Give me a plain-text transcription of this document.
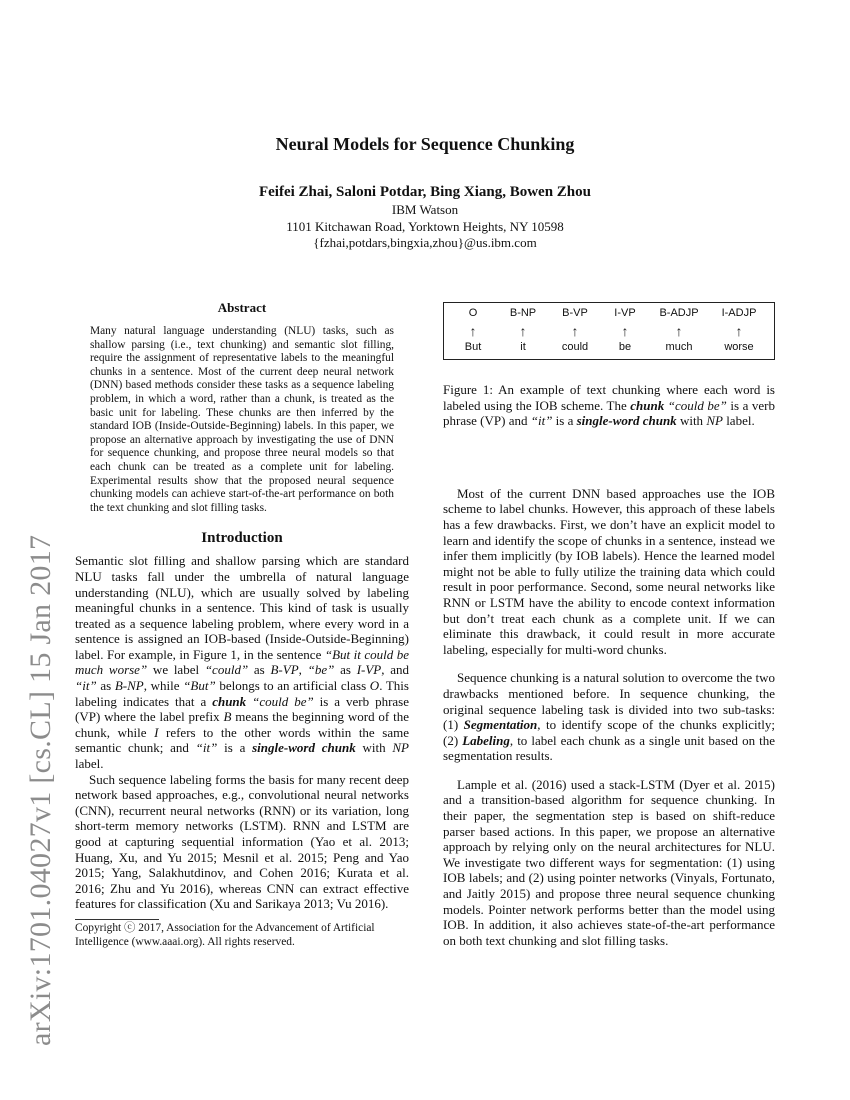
arXiv:1701.04027v1 [cs.CL] 15 Jan 2017
Neural Models for Sequence Chunking
Feifei Zhai, Saloni Potdar, Bing Xiang, Bowen Zhou
IBM Watson
1101 Kitchawan Road, Yorktown Heights, NY 10598
{fzhai,potdars,bingxia,zhou}@us.ibm.com
Abstract

Many natural language understanding (NLU) tasks, such as shallow parsing (i.e., text chunking) and semantic slot filling, require the assignment of representative labels to the meaningful chunks in a sentence. Most of the current deep neural network (DNN) based methods consider these tasks as a sequence labeling problem, in which a word, rather than a chunk, is treated as the basic unit for labeling. These chunks are then inferred by the standard IOB (Inside-Outside-Beginning) labels. In this paper, we propose an alternative approach by investigating the use of DNN for sequence chunking, and propose three neural models so that each chunk can be treated as a complete unit for labeling. Experimental results show that the proposed neural sequence chunking models can achieve start-of-the-art performance on both the text chunking and slot filling tasks.

Introduction

Semantic slot filling and shallow parsing which are standard NLU tasks fall under the umbrella of natural language understanding (NLU), which are usually solved by labeling meaningful chunks in a sentence. This kind of task is usually treated as a sequence labeling problem, where every word in a sentence is assigned an IOB-based (Inside-Outside-Beginning) label. For example, in Figure 1, in the sentence “But it could be much worse” we label “could” as B-VP, “be” as I-VP, and “it” as B-NP, while “But” belongs to an artificial class O. This labeling indicates that a chunk “could be” is a verb phrase (VP) where the label prefix B means the beginning word of the chunk, while I refers to the other words within the same semantic chunk; and “it” is a single-word chunk with NP label.

Such sequence labeling forms the basis for many recent deep network based approaches, e.g., convolutional neural networks (CNN), recurrent neural networks (RNN) or its variation, long short-term memory networks (LSTM). RNN and LSTM are good at capturing sequential information (Yao et al. 2013; Huang, Xu, and Yu 2015; Mesnil et al. 2015; Peng and Yao 2015; Yang, Salakhutdinov, and Cohen 2016; Kurata et al. 2016; Zhu and Yu 2016), whereas CNN can extract effective features for classification (Xu and Sarikaya 2013; Vu 2016).

Copyright ⓒ 2017, Association for the Advancement of Artificial Intelligence (www.aaai.org). All rights reserved.

O
↑
But
B-NP
↑
it
B-VP
↑
could
I-VP
↑
be
B-ADJP
↑
much
I-ADJP
↑
worse

Figure 1: An example of text chunking where each word is labeled using the IOB scheme. The chunk “could be” is a verb phrase (VP) and “it” is a single-word chunk with NP label.

Most of the current DNN based approaches use the IOB scheme to label chunks. However, this approach of these labels has a few drawbacks. First, we don’t have an explicit model to learn and identify the scope of chunks in a sentence, instead we infer them implicitly (by IOB labels). Hence the learned model might not be able to fully utilize the training data which could result in poor performance. Second, some neural networks like RNN or LSTM have the ability to encode context information but don’t treat each chunk as a complete unit. If we can eliminate this drawback, it could result in more accurate labeling, especially for multi-word chunks.

Sequence chunking is a natural solution to overcome the two drawbacks mentioned before. In sequence chunking, the original sequence labeling task is divided into two sub-tasks: (1) Segmentation, to identify scope of the chunks explicitly; (2) Labeling, to label each chunk as a single unit based on the segmentation results.

Lample et al. (2016) used a stack-LSTM (Dyer et al. 2015) and a transition-based algorithm for sequence chunking. In their paper, the segmentation step is based on shift-reduce parser based actions. In this paper, we propose an alternative approach by relying only on the neural architectures for NLU. We investigate two different ways for segmentation: (1) using IOB labels; and (2) using pointer networks (Vinyals, Fortunato, and Jaitly 2015) and propose three neural sequence chunking models. Pointer network performs better than the model using IOB. In addition, it also achieves state-of-the-art performance on both text chunking and slot filling tasks.
